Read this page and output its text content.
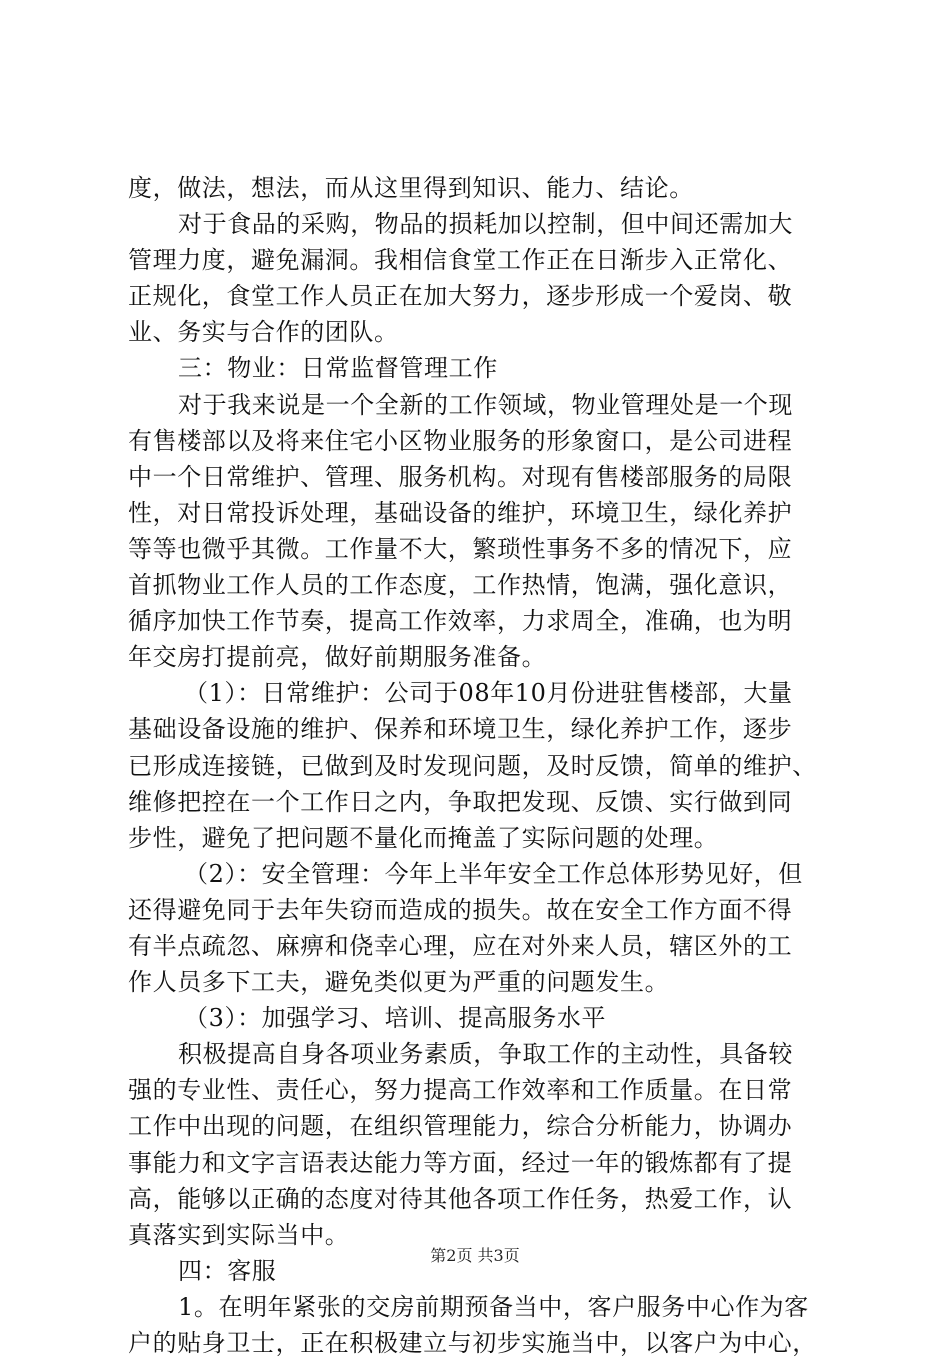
度，做法，想法，而从这里得到知识、能力、结论。
对于食品的采购，物品的损耗加以控制，但中间还需加大
管理力度，避免漏洞。我相信食堂工作正在日渐步入正常化、
正规化，食堂工作人员正在加大努力，逐步形成一个爱岗、敬
业、务实与合作的团队。
三：物业：日常监督管理工作
对于我来说是一个全新的工作领域，物业管理处是一个现
有售楼部以及将来住宅小区物业服务的形象窗口，是公司进程
中一个日常维护、管理、服务机构。对现有售楼部服务的局限
性，对日常投诉处理，基础设备的维护，环境卫生，绿化养护
等等也微乎其微。工作量不大，繁琐性事务不多的情况下，应
首抓物业工作人员的工作态度，工作热情，饱满，强化意识，
循序加快工作节奏，提高工作效率，力求周全，准确，也为明
年交房打提前亮，做好前期服务准备。
（1）：日常维护：公司于08年10月份进驻售楼部，大量
基础设备设施的维护、保养和环境卫生，绿化养护工作，逐步
已形成连接链，已做到及时发现问题，及时反馈，简单的维护、
维修把控在一个工作日之内，争取把发现、反馈、实行做到同
步性，避免了把问题不量化而掩盖了实际问题的处理。
（2）：安全管理：今年上半年安全工作总体形势见好，但
还得避免同于去年失窃而造成的损失。故在安全工作方面不得
有半点疏忽、麻痹和侥幸心理，应在对外来人员，辖区外的工
作人员多下工夫，避免类似更为严重的问题发生。
（3）：加强学习、培训、提高服务水平
积极提高自身各项业务素质，争取工作的主动性，具备较
强的专业性、责任心，努力提高工作效率和工作质量。在日常
工作中出现的问题，在组织管理能力，综合分析能力，协调办
事能力和文字言语表达能力等方面，经过一年的锻炼都有了提
高，能够以正确的态度对待其他各项工作任务，热爱工作，认
真落实到实际当中。
四：客服
1。在明年紧张的交房前期预备当中，客户服务中心作为客
户的贴身卫士，正在积极建立与初步实施当中，以客户为中心，
第2页 共3页
